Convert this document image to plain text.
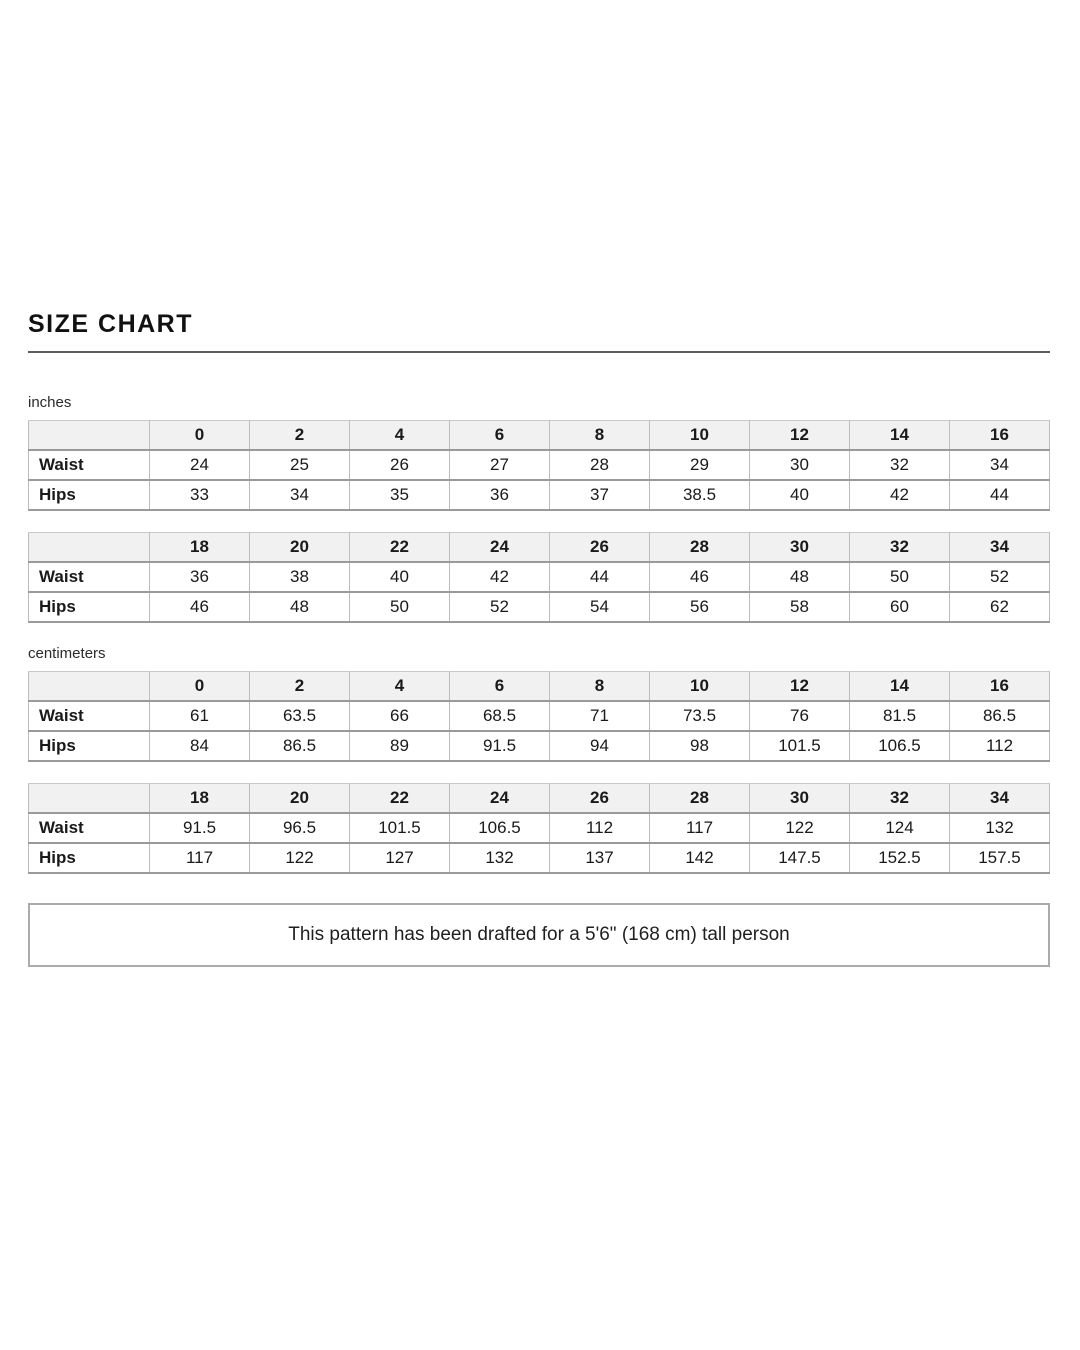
SIZE CHART
inches
	0	2	4	6	8	10	12	14	16
Waist	24	25	26	27	28	29	30	32	34
Hips	33	34	35	36	37	38.5	40	42	44
	18	20	22	24	26	28	30	32	34
Waist	36	38	40	42	44	46	48	50	52
Hips	46	48	50	52	54	56	58	60	62
centimeters
	0	2	4	6	8	10	12	14	16
Waist	61	63.5	66	68.5	71	73.5	76	81.5	86.5
Hips	84	86.5	89	91.5	94	98	101.5	106.5	112
	18	20	22	24	26	28	30	32	34
Waist	91.5	96.5	101.5	106.5	112	117	122	124	132
Hips	117	122	127	132	137	142	147.5	152.5	157.5
This pattern has been drafted for a 5'6" (168 cm) tall person
